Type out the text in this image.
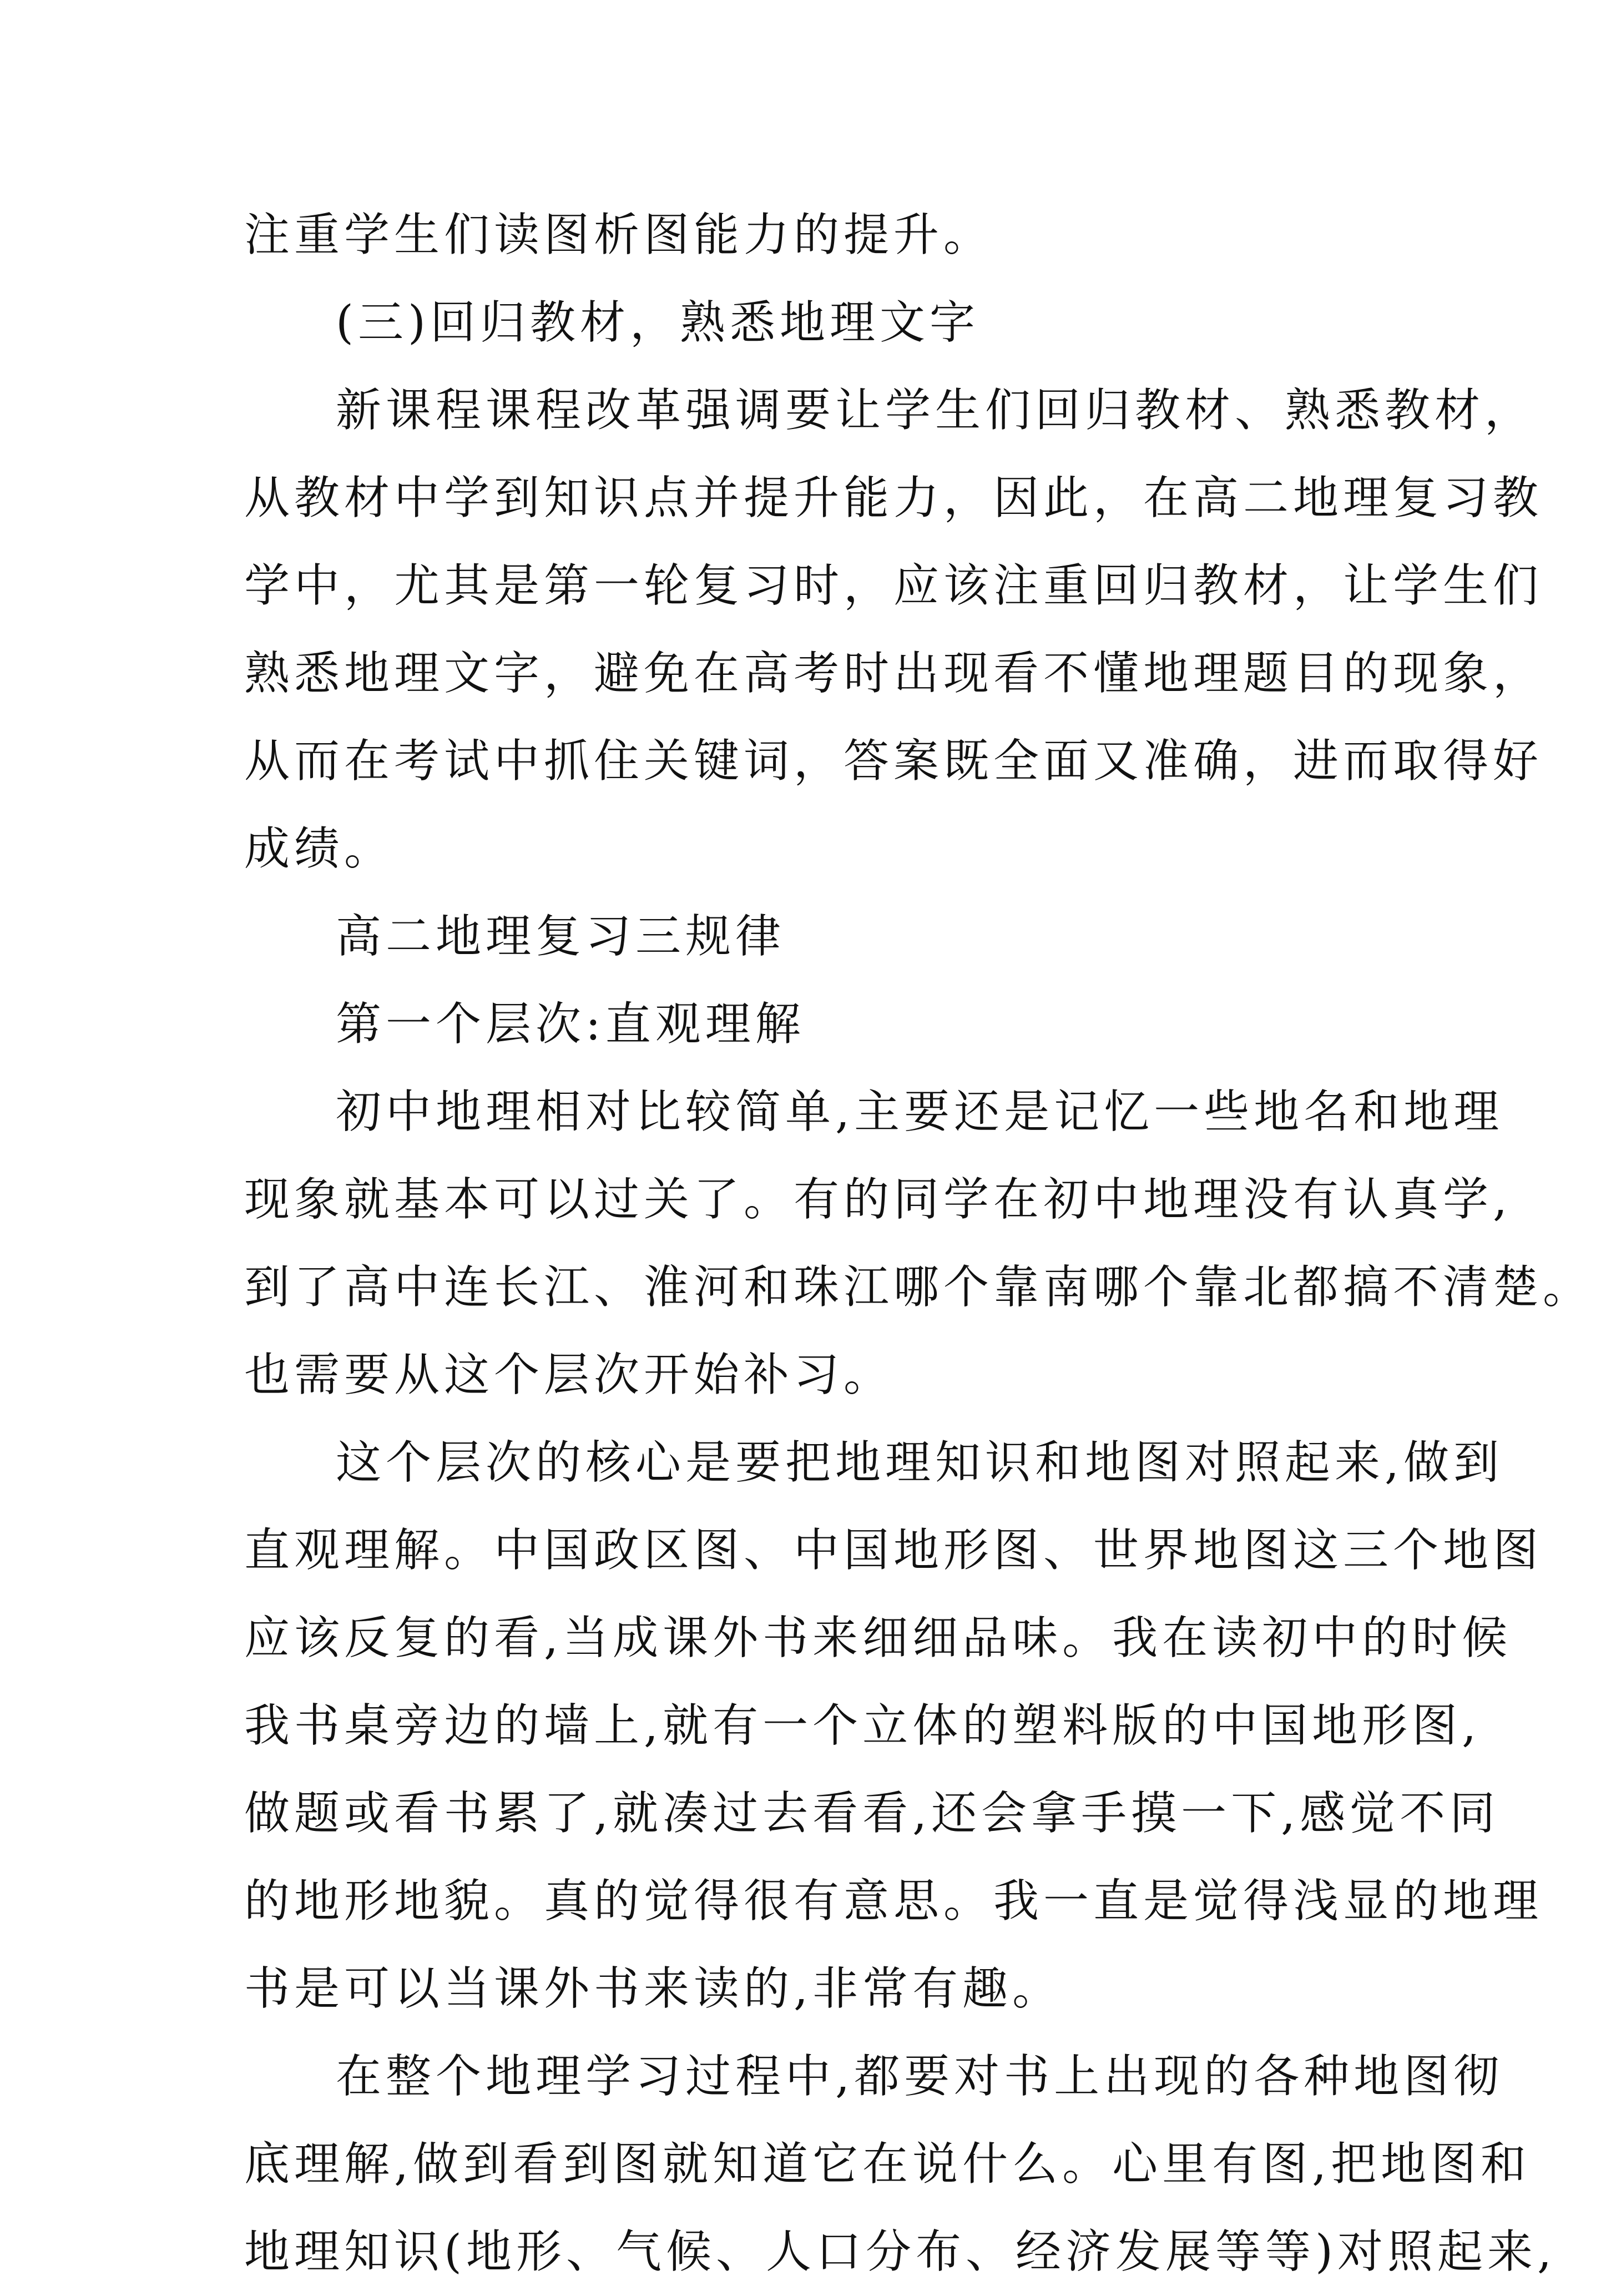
注重学生们读图析图能力的提升。

(三)回归教材，熟悉地理文字

新课程课程改革强调要让学生们回归教材、熟悉教材，

从教材中学到知识点并提升能力，因此，在高二地理复习教

学中，尤其是第一轮复习时，应该注重回归教材，让学生们

熟悉地理文字，避免在高考时出现看不懂地理题目的现象，

从而在考试中抓住关键词，答案既全面又准确，进而取得好

成绩。

高二地理复习三规律

第一个层次:直观理解

初中地理相对比较简单,主要还是记忆一些地名和地理

现象就基本可以过关了。有的同学在初中地理没有认真学,

到了高中连长江、淮河和珠江哪个靠南哪个靠北都搞不清楚。

也需要从这个层次开始补习。

这个层次的核心是要把地理知识和地图对照起来,做到

直观理解。中国政区图、中国地形图、世界地图这三个地图

应该反复的看,当成课外书来细细品味。我在读初中的时候

我书桌旁边的墙上,就有一个立体的塑料版的中国地形图,

做题或看书累了,就凑过去看看,还会拿手摸一下,感觉不同

的地形地貌。真的觉得很有意思。我一直是觉得浅显的地理

书是可以当课外书来读的,非常有趣。

在整个地理学习过程中,都要对书上出现的各种地图彻

底理解,做到看到图就知道它在说什么。心里有图,把地图和

地理知识(地形、气候、人口分布、经济发展等等)对照起来,
